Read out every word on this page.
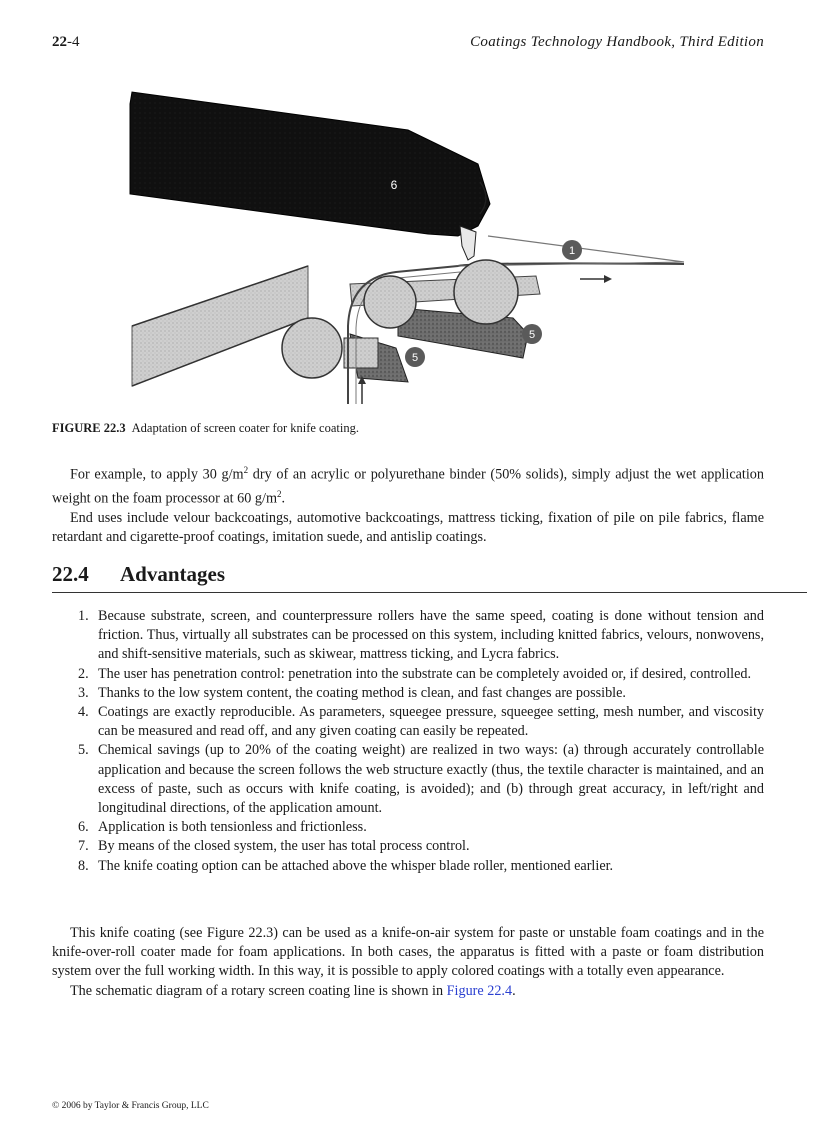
22-4	Coatings Technology Handbook, Third Edition
6
1
5
5
FIGURE 22.3 Adaptation of screen coater for knife coating.

For example, to apply 30 $g/m^2$ dry of an acrylic or polyurethane binder (50% solids), simply adjust the wet application weight on the foam processor at 60 $g/m^2$.

End uses include velour backcoatings, automotive backcoatings, mattress ticking, fixation of pile on pile fabrics, flame retardant and cigarette-proof coatings, imitation suede, and antislip coatings.

22.4 Advantages
1. Because substrate, screen, and counterpressure rollers have the same speed, coating is done without tension and friction. Thus, virtually all substrates can be processed on this system, including knitted fabrics, velours, nonwovens, and shift-sensitive materials, such as skiwear, mattress ticking, and Lycra fabrics.
2. The user has penetration control: penetration into the substrate can be completely avoided or, if desired, controlled.
3. Thanks to the low system content, the coating method is clean, and fast changes are possible.
4. Coatings are exactly reproducible. As parameters, squeegee pressure, squeegee setting, mesh number, and viscosity can be measured and read off, and any given coating can easily be repeated.
5. Chemical savings (up to 20% of the coating weight) are realized in two ways: (a) through accurately controllable application and because the screen follows the web structure exactly (thus, the textile character is maintained, and an excess of paste, such as occurs with knife coating, is avoided); and (b) through great accuracy, in left/right and longitudinal directions, of the application amount.
6. Application is both tensionless and frictionless.
7. By means of the closed system, the user has total process control.
8. The knife coating option can be attached above the whisper blade roller, mentioned earlier.

This knife coating (see Figure 22.3) can be used as a knife-on-air system for paste or unstable foam coatings and in the knife-over-roll coater made for foam applications. In both cases, the apparatus is fitted with a paste or foam distribution system over the full working width. In this way, it is possible to apply colored coatings with a totally even appearance.

The schematic diagram of a rotary screen coating line is shown in Figure 22.4.

© 2006 by Taylor & Francis Group, LLC
